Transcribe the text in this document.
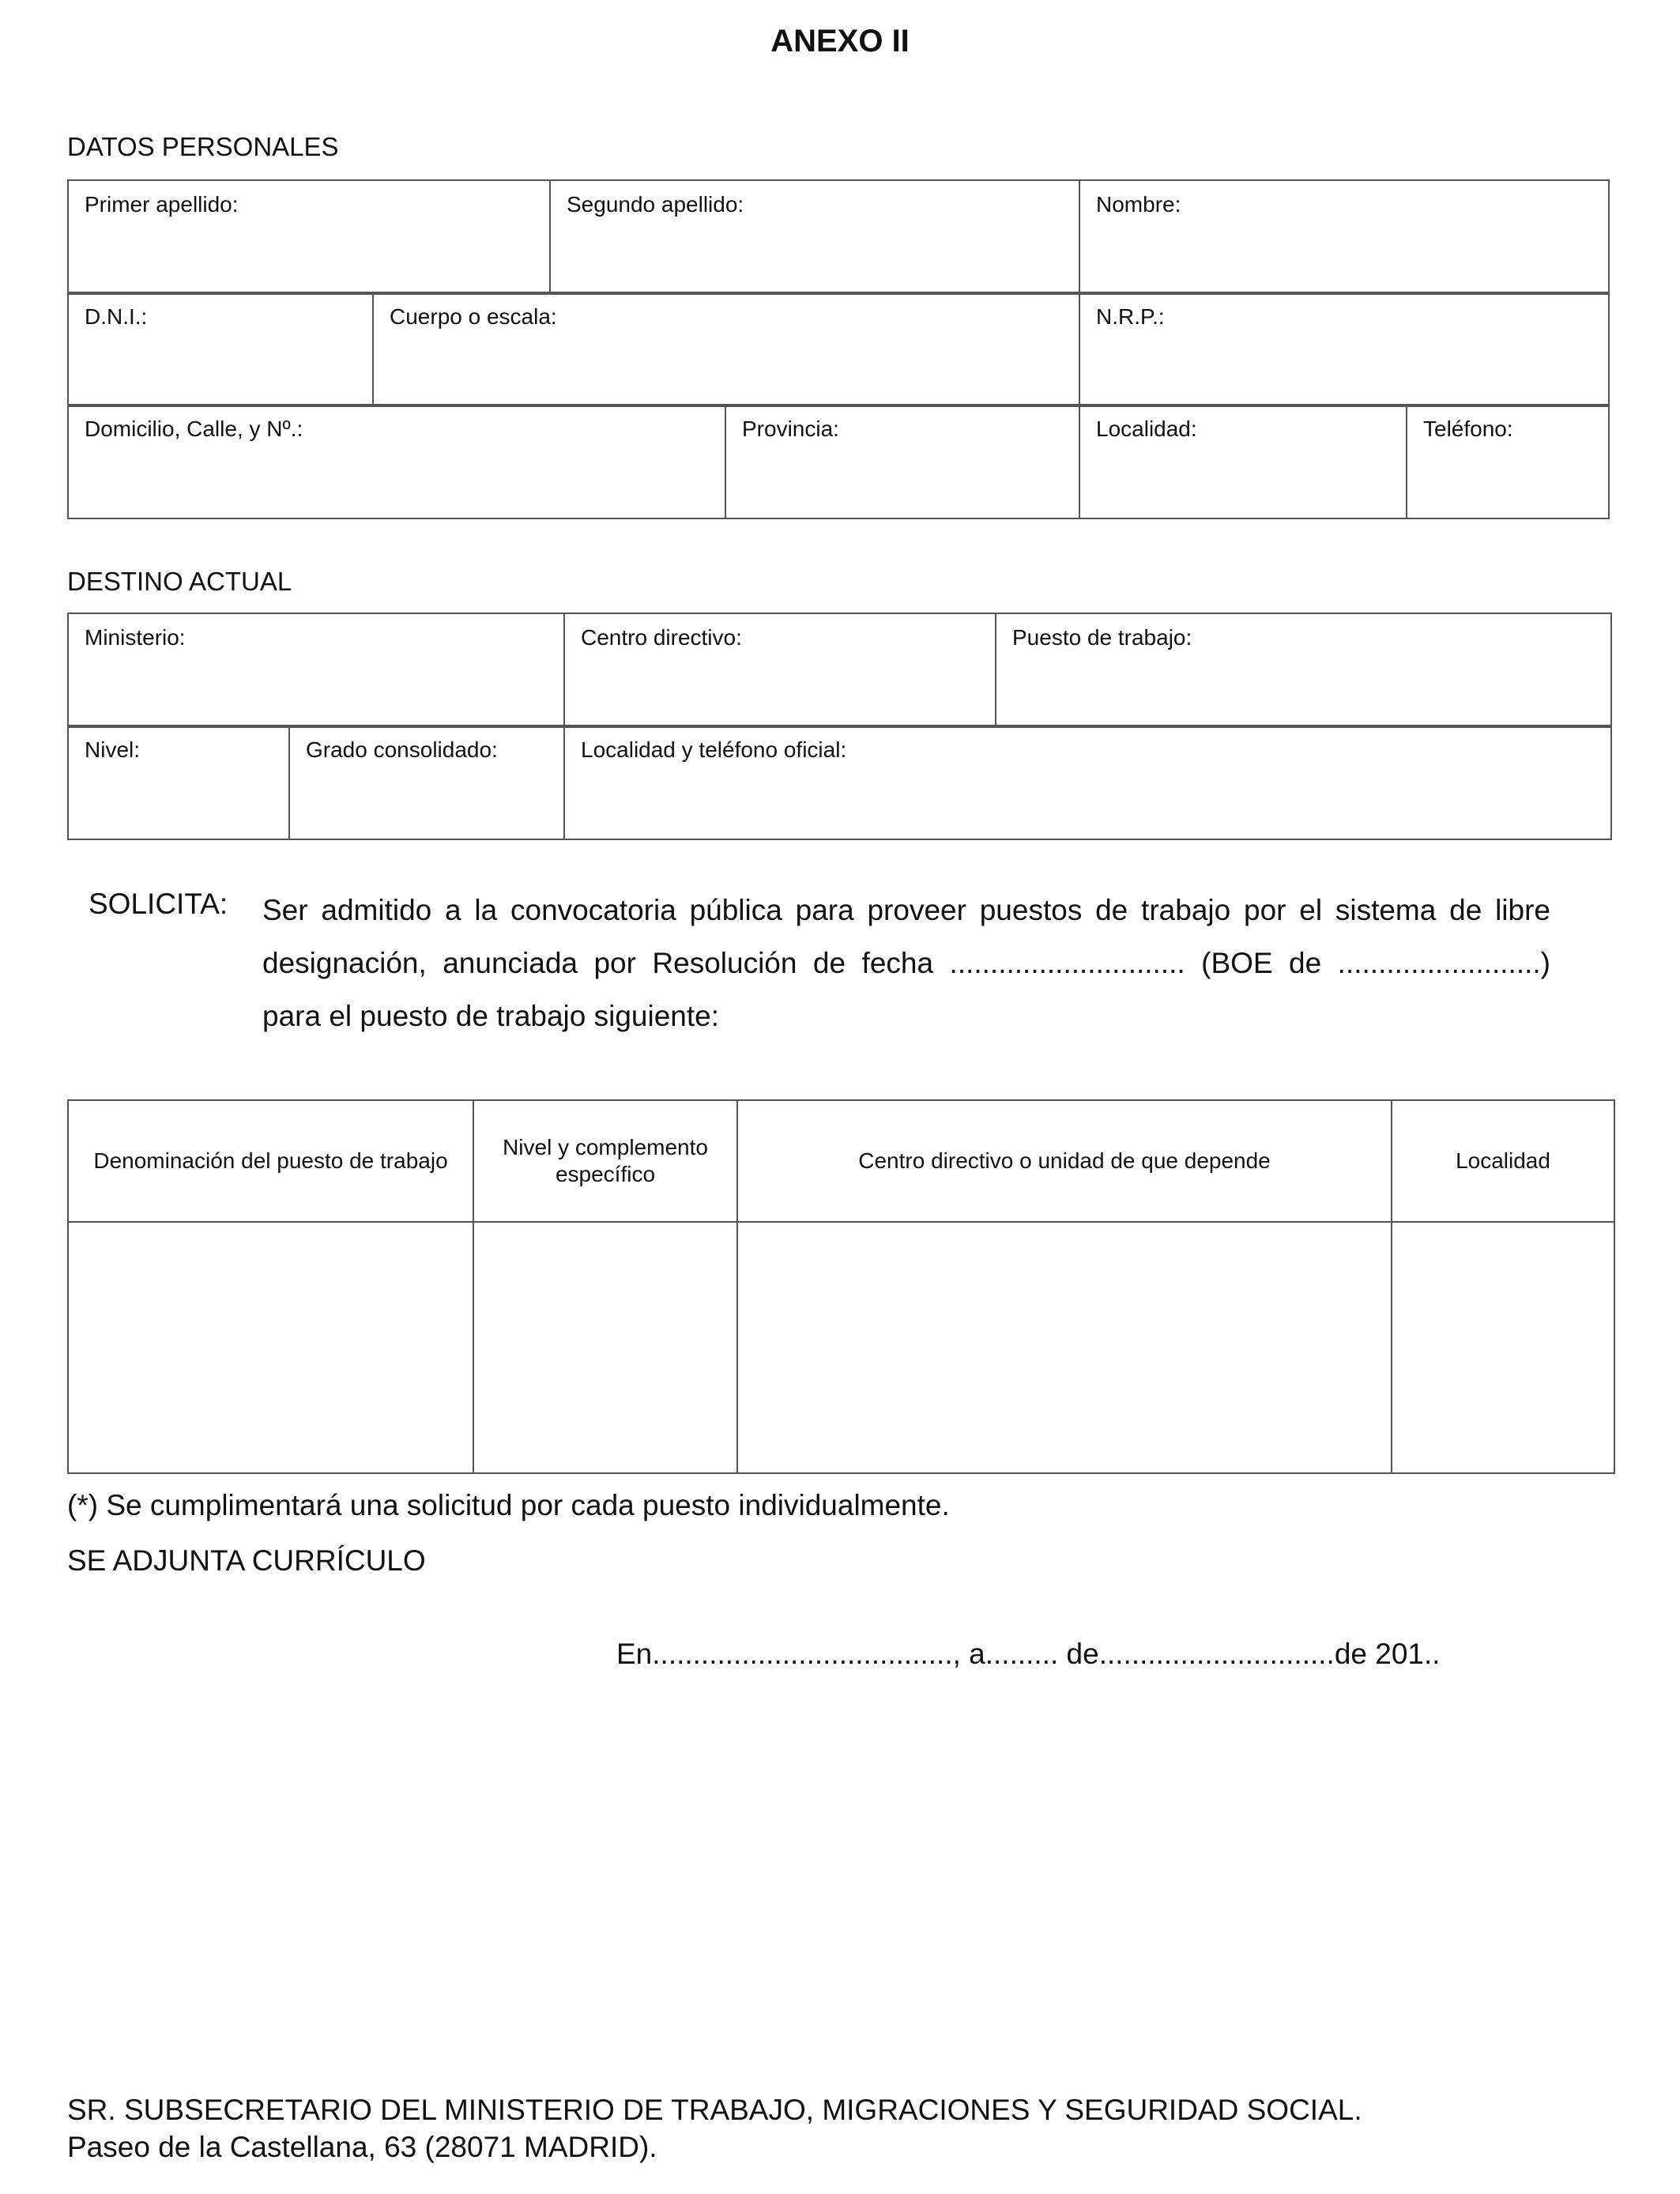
ANEXO II
DATOS PERSONALES
Primer apellido:	Segundo apellido:	Nombre:
D.N.I.:	Cuerpo o escala:	N.R.P.:
Domicilio, Calle, y Nº.:	Provincia:	Localidad:	Teléfono:
DESTINO ACTUAL
Ministerio:	Centro directivo:	Puesto de trabajo:
Nivel:	Grado consolidado:	Localidad y teléfono oficial:
SOLICITA: Ser admitido a la convocatoria pública para proveer puestos de trabajo por el sistema de libre
designación, anunciada por Resolución de fecha ............................. (BOE de .........................)
para el puesto de trabajo siguiente:
Denominación del puesto de trabajo	Nivel y complemento específico	Centro directivo o unidad de que depende	Localidad

(*) Se cumplimentará una solicitud por cada puesto individualmente.
SE ADJUNTA CURRÍCULO
En....................................., a......... de.............................de 201..
SR. SUBSECRETARIO DEL MINISTERIO DE TRABAJO, MIGRACIONES Y SEGURIDAD SOCIAL.
Paseo de la Castellana, 63 (28071 MADRID).
